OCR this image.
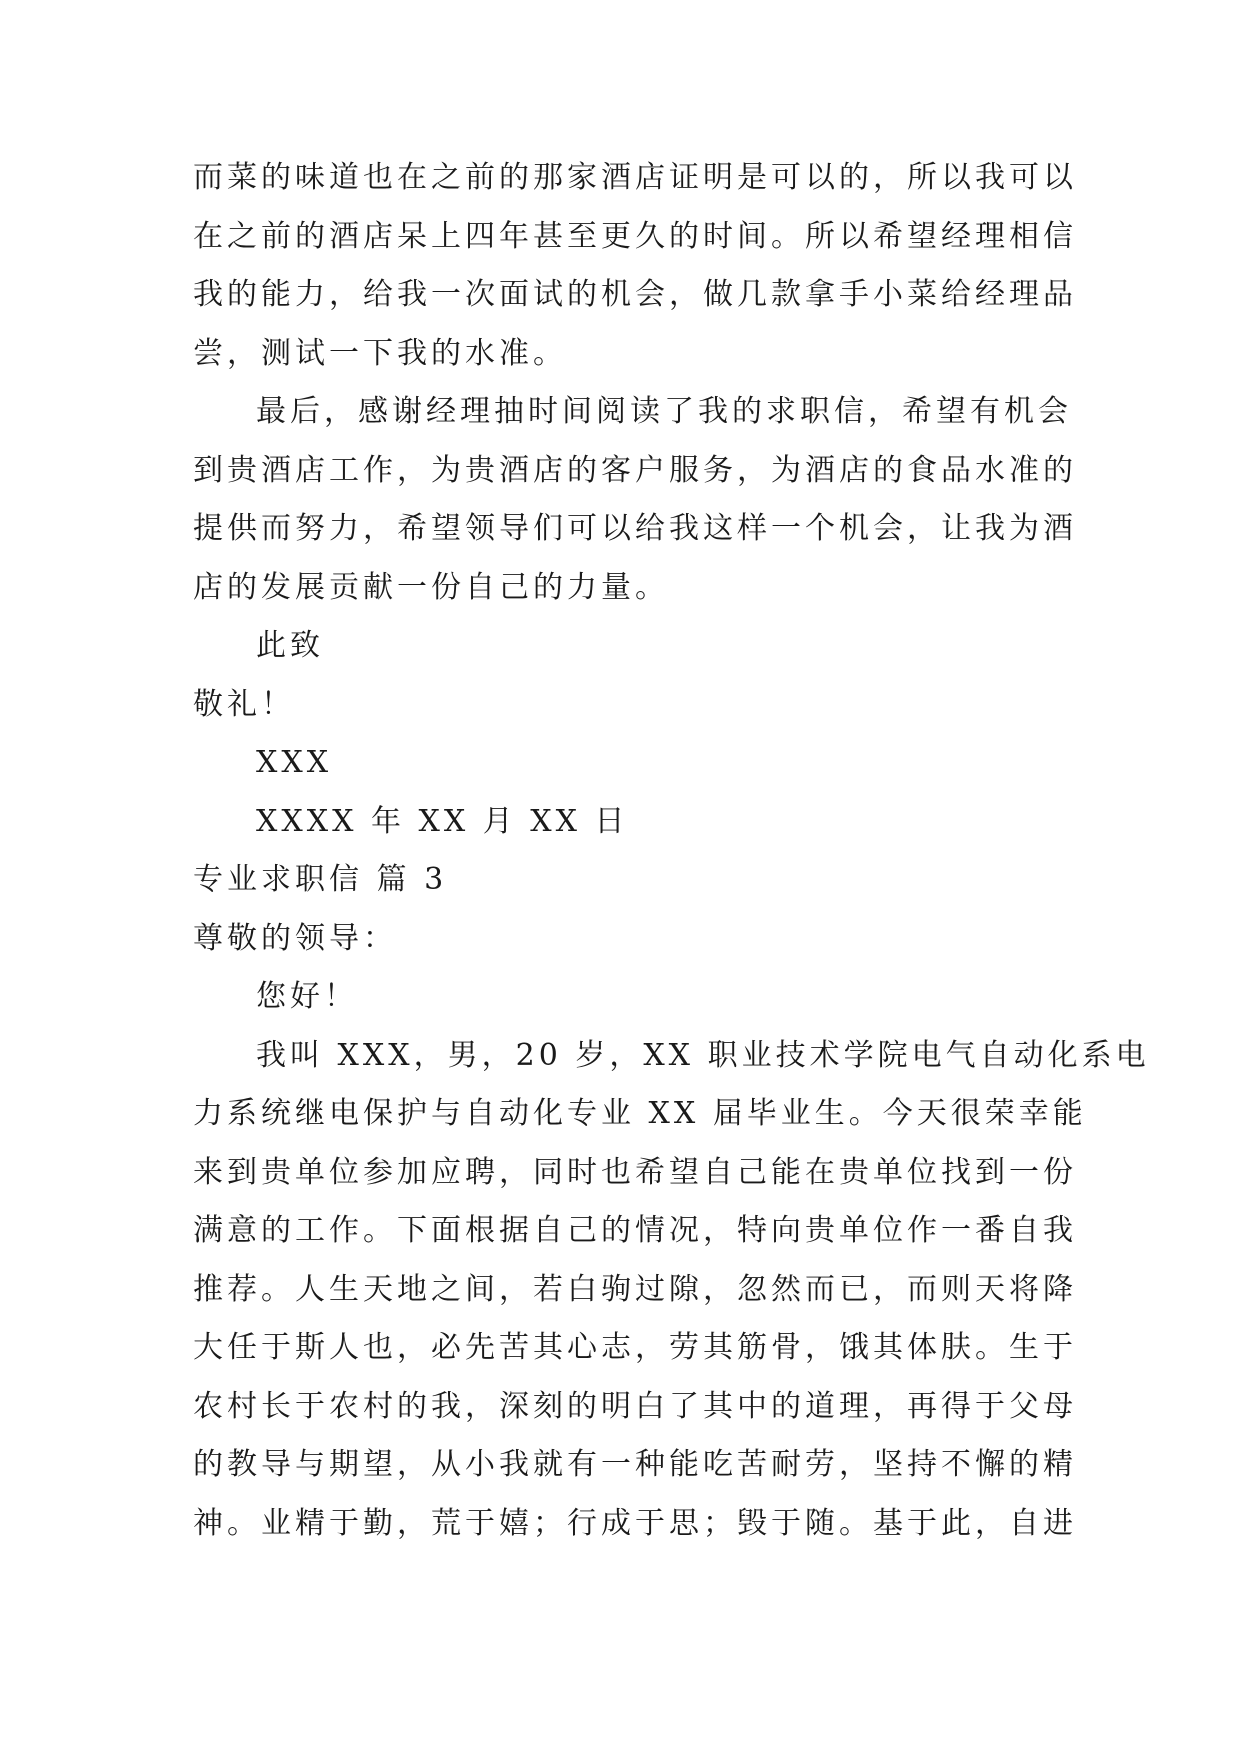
而菜的味道也在之前的那家酒店证明是可以的，所以我可以
在之前的酒店呆上四年甚至更久的时间。所以希望经理相信
我的能力，给我一次面试的机会，做几款拿手小菜给经理品
尝，测试一下我的水准。
最后，感谢经理抽时间阅读了我的求职信，希望有机会
到贵酒店工作，为贵酒店的客户服务，为酒店的食品水准的
提供而努力，希望领导们可以给我这样一个机会，让我为酒
店的发展贡献一份自己的力量。
此致
敬礼！
XXX
XXXX 年 XX 月 XX 日
专业求职信 篇 3
尊敬的领导：
您好！
我叫 XXX，男，20 岁，XX 职业技术学院电气自动化系电
力系统继电保护与自动化专业 XX 届毕业生。今天很荣幸能
来到贵单位参加应聘，同时也希望自己能在贵单位找到一份
满意的工作。下面根据自己的情况，特向贵单位作一番自我
推荐。人生天地之间，若白驹过隙，忽然而已，而则天将降
大任于斯人也，必先苦其心志，劳其筋骨，饿其体肤。生于
农村长于农村的我，深刻的明白了其中的道理，再得于父母
的教导与期望，从小我就有一种能吃苦耐劳，坚持不懈的精
神。业精于勤，荒于嬉；行成于思；毁于随。基于此，自进
